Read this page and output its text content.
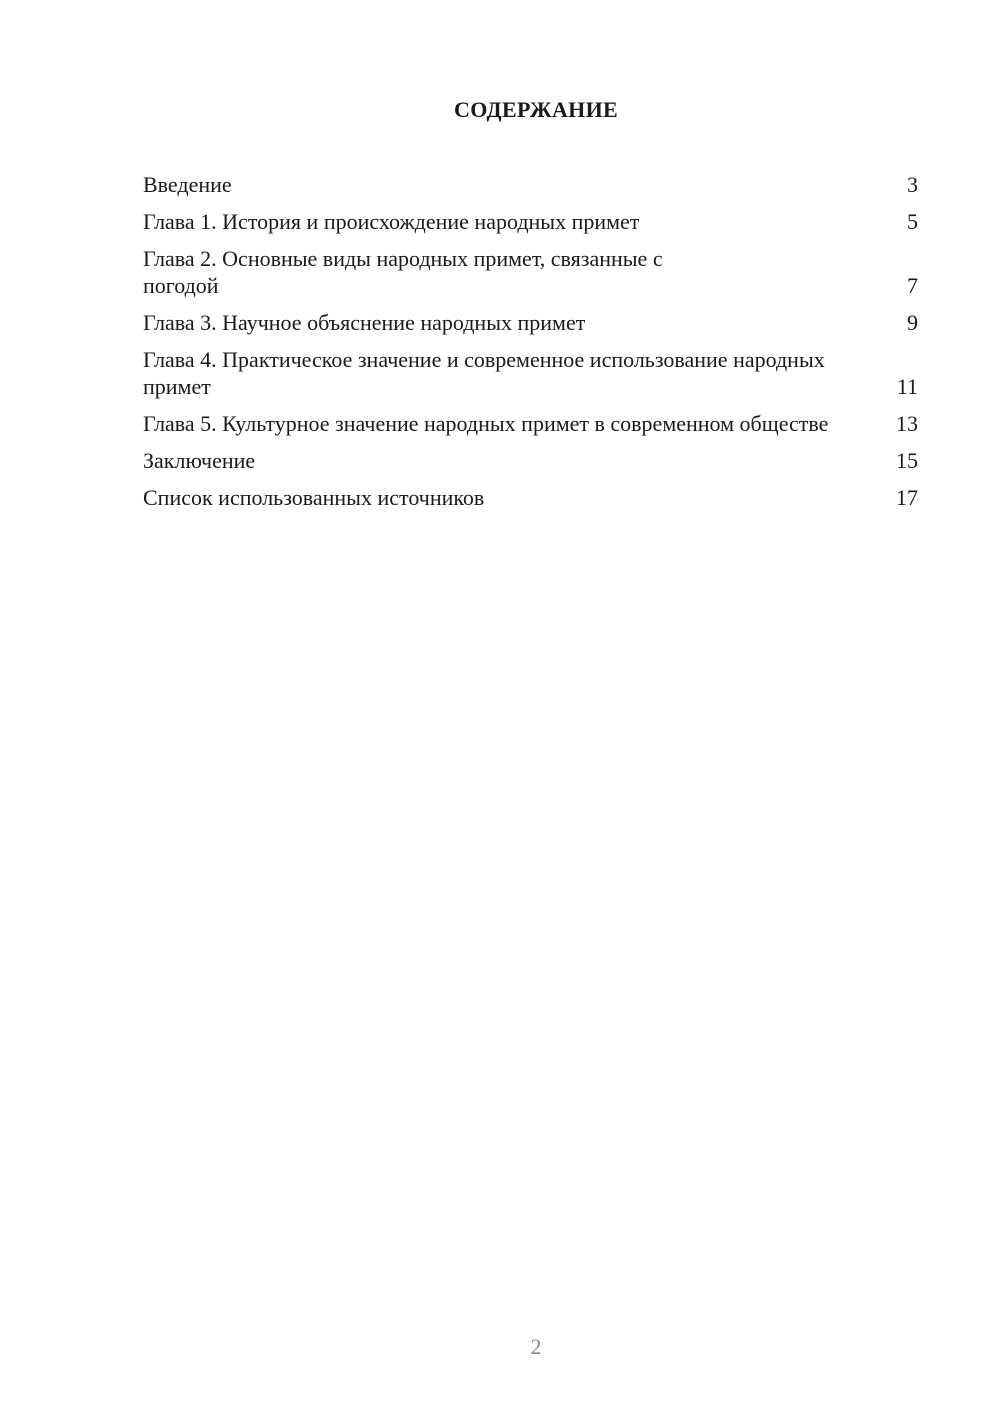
СОДЕРЖАНИЕ
Введение	3
Глава 1. История и происхождение народных примет	5
Глава 2. Основные виды народных примет, связанные с погодой	7
Глава 3. Научное объяснение народных примет	9
Глава 4. Практическое значение и современное использование народных примет	11
Глава 5. Культурное значение народных примет в современном обществе	13
Заключение	15
Список использованных источников	17
2
